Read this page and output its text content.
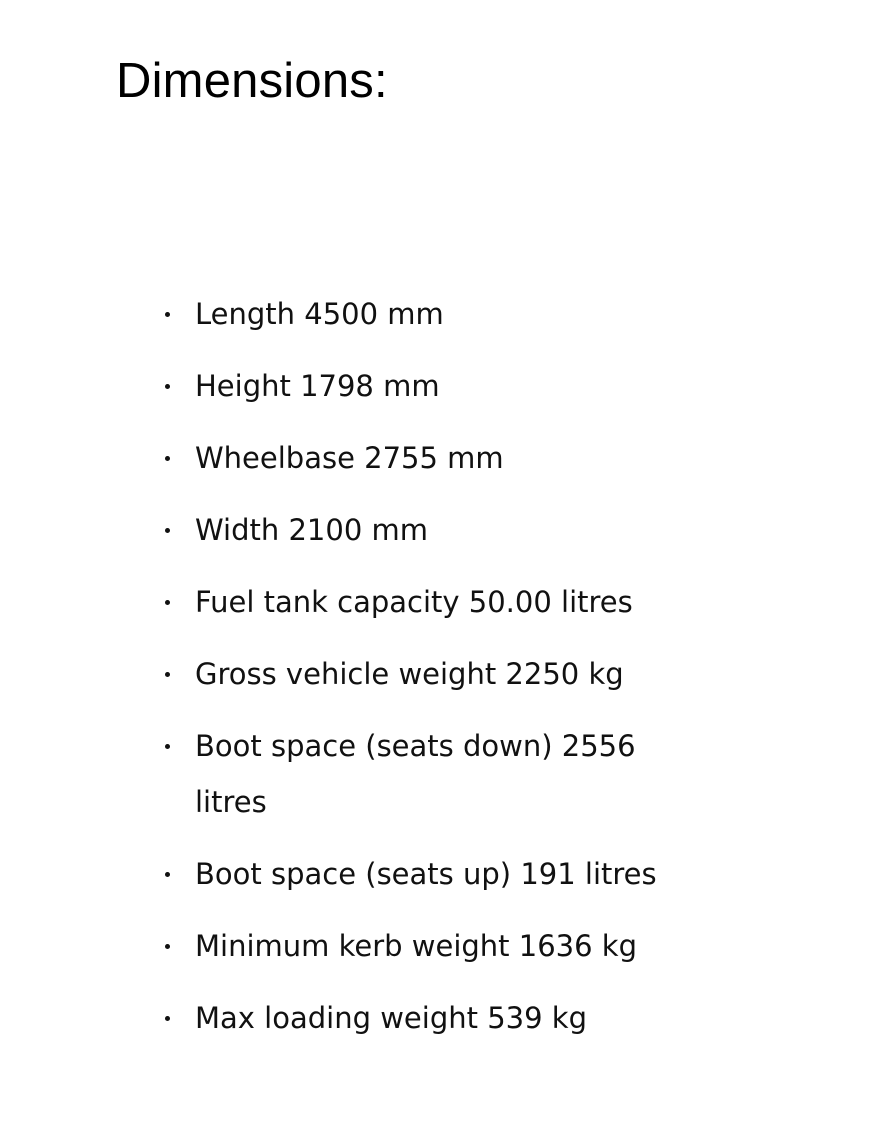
Dimensions:
Length 4500 mm
Height 1798 mm
Wheelbase 2755 mm
Width 2100 mm
Fuel tank capacity 50.00 litres
Gross vehicle weight 2250 kg
Boot space (seats down) 2556 litres
Boot space (seats up) 191 litres
Minimum kerb weight 1636 kg
Max loading weight 539 kg
